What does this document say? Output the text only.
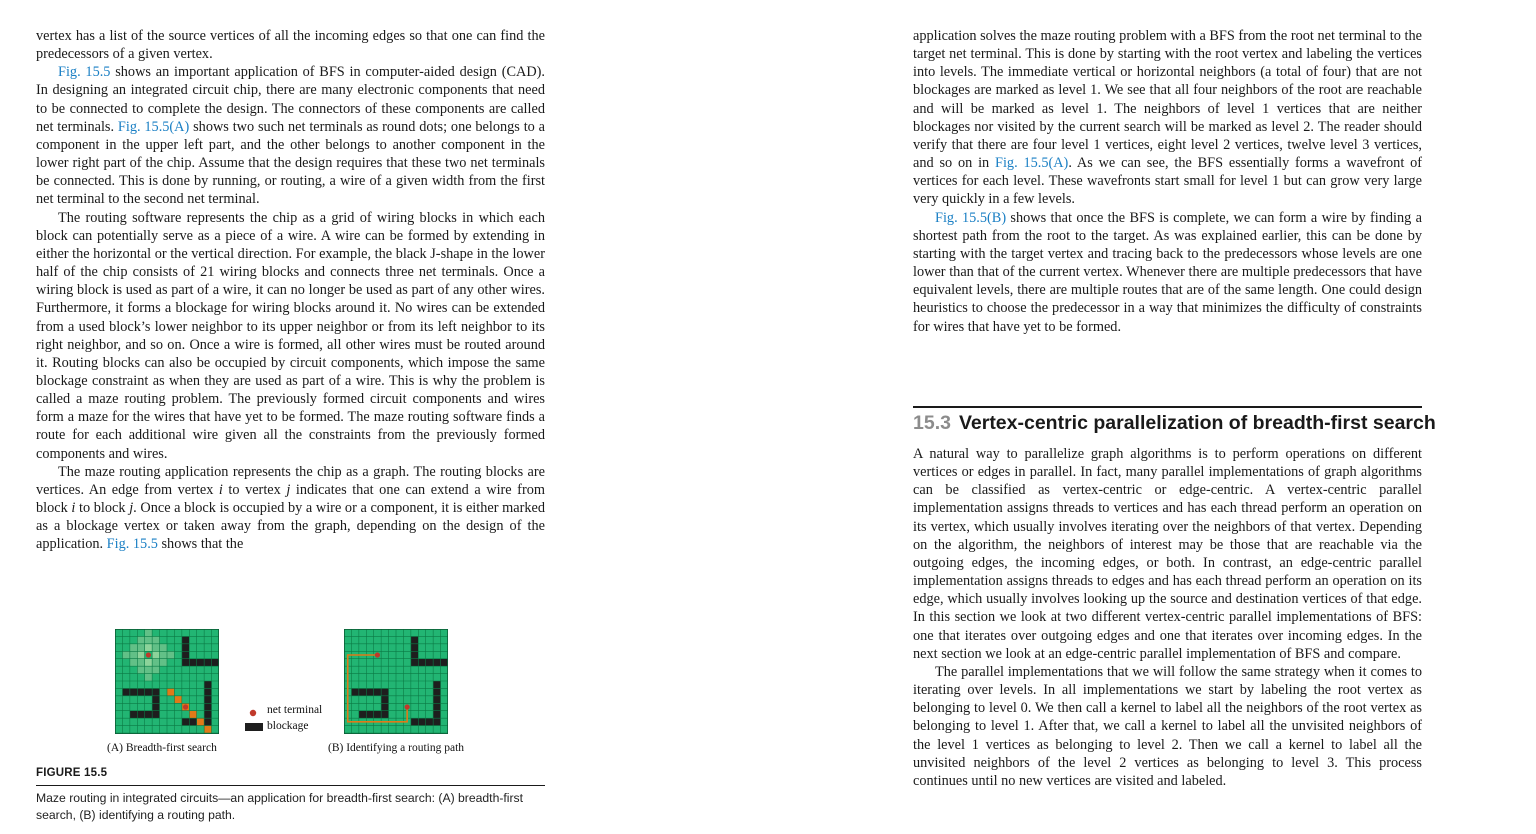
vertex has a list of the source vertices of all the incoming edges so that one can find the predecessors of a given vertex.

Fig. 15.5 shows an important application of BFS in computer-aided design (CAD). In designing an integrated circuit chip, there are many electronic components that need to be connected to complete the design. The connectors of these components are called net terminals. Fig. 15.5(A) shows two such net terminals as round dots; one belongs to a component in the upper left part, and the other belongs to another component in the lower right part of the chip. Assume that the design requires that these two net terminals be connected. This is done by running, or routing, a wire of a given width from the first net terminal to the second net terminal.

The routing software represents the chip as a grid of wiring blocks in which each block can potentially serve as a piece of a wire. A wire can be formed by extending in either the horizontal or the vertical direction. For example, the black J-shape in the lower half of the chip consists of 21 wiring blocks and connects three net terminals. Once a wiring block is used as part of a wire, it can no longer be used as part of any other wires. Furthermore, it forms a blockage for wiring blocks around it. No wires can be extended from a used block’s lower neighbor to its upper neighbor or from its left neighbor to its right neighbor, and so on. Once a wire is formed, all other wires must be routed around it. Routing blocks can also be occupied by circuit components, which impose the same blockage constraint as when they are used as part of a wire. This is why the problem is called a maze routing problem. The previously formed circuit components and wires form a maze for the wires that have yet to be formed. The maze routing software finds a route for each additional wire given all the constraints from the previously formed components and wires.

The maze routing application represents the chip as a graph. The routing blocks are vertices. An edge from vertex i to vertex j indicates that one can extend a wire from block i to block j. Once a block is occupied by a wire or a component, it is either marked as a blockage vertex or taken away from the graph, depending on the design of the application. Fig. 15.5 shows that the

net terminal
blockage
(A) Breadth-first search	(B) Identifying a routing path
FIGURE 15.5
Maze routing in integrated circuits—an application for breadth-first search: (A) breadth-first search, (B) identifying a routing path.

application solves the maze routing problem with a BFS from the root net terminal to the target net terminal. This is done by starting with the root vertex and labeling the vertices into levels. The immediate vertical or horizontal neighbors (a total of four) that are not blockages are marked as level 1. We see that all four neighbors of the root are reachable and will be marked as level 1. The neighbors of level 1 vertices that are neither blockages nor visited by the current search will be marked as level 2. The reader should verify that there are four level 1 vertices, eight level 2 vertices, twelve level 3 vertices, and so on in Fig. 15.5(A). As we can see, the BFS essentially forms a wavefront of vertices for each level. These wavefronts start small for level 1 but can grow very large very quickly in a few levels.

Fig. 15.5(B) shows that once the BFS is complete, we can form a wire by finding a shortest path from the root to the target. As was explained earlier, this can be done by starting with the target vertex and tracing back to the predecessors whose levels are one lower than that of the current vertex. Whenever there are multiple predecessors that have equivalent levels, there are multiple routes that are of the same length. One could design heuristics to choose the predecessor in a way that minimizes the difficulty of constraints for wires that have yet to be formed.

15.3 Vertex-centric parallelization of breadth-first search

A natural way to parallelize graph algorithms is to perform operations on different vertices or edges in parallel. In fact, many parallel implementations of graph algorithms can be classified as vertex-centric or edge-centric. A vertex-centric parallel implementation assigns threads to vertices and has each thread perform an operation on its vertex, which usually involves iterating over the neighbors of that vertex. Depending on the algorithm, the neighbors of interest may be those that are reachable via the outgoing edges, the incoming edges, or both. In contrast, an edge-centric parallel implementation assigns threads to edges and has each thread perform an operation on its edge, which usually involves looking up the source and destination vertices of that edge. In this section we look at two different vertex-centric parallel implementations of BFS: one that iterates over outgoing edges and one that iterates over incoming edges. In the next section we look at an edge-centric parallel implementation of BFS and compare.

The parallel implementations that we will follow the same strategy when it comes to iterating over levels. In all implementations we start by labeling the root vertex as belonging to level 0. We then call a kernel to label all the neighbors of the root vertex as belonging to level 1. After that, we call a kernel to label all the unvisited neighbors of the level 1 vertices as belonging to level 2. Then we call a kernel to label all the unvisited neighbors of the level 2 vertices as belonging to level 3. This process continues until no new vertices are visited and labeled.
